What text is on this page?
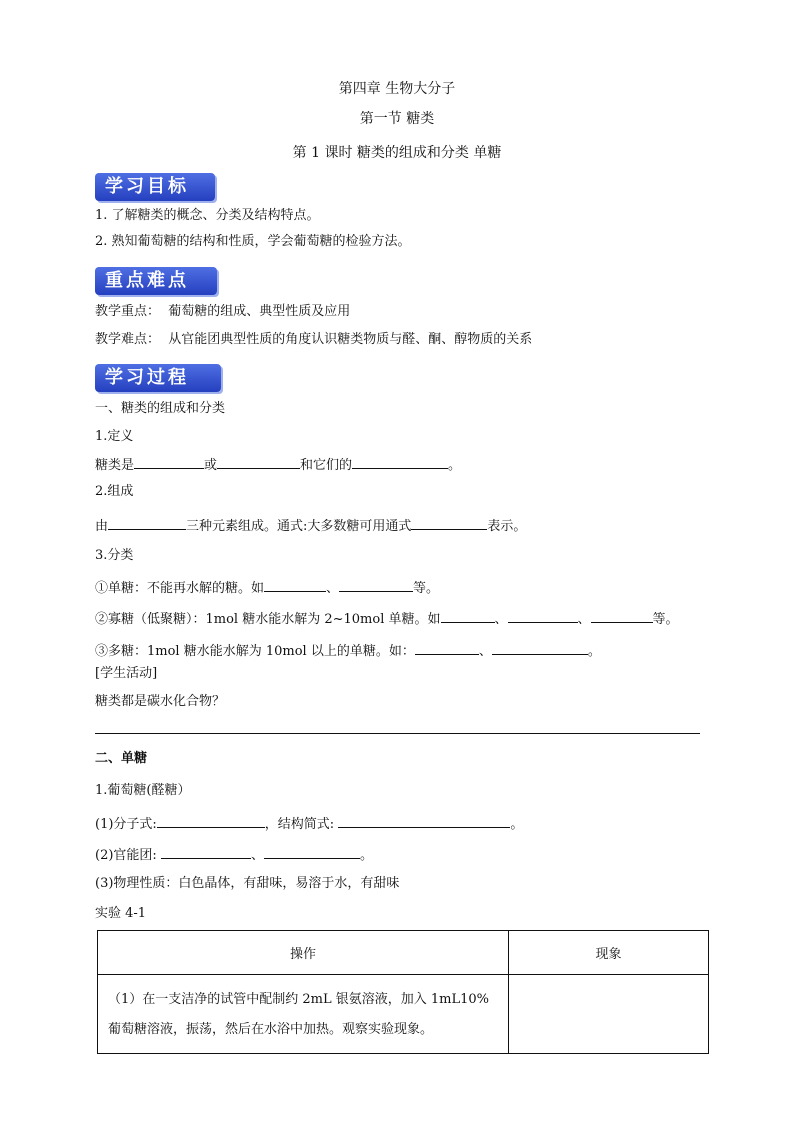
第四章 生物大分子
第一节 糖类
第 1 课时 糖类的组成和分类 单糖
学习目标
1. 了解糖类的概念、分类及结构特点。
2. 熟知葡萄糖的结构和性质，学会葡萄糖的检验方法。
重点难点
教学重点： 葡萄糖的组成、典型性质及应用
教学难点： 从官能团典型性质的角度认识糖类物质与醛、酮、醇物质的关系
学习过程
一、糖类的组成和分类
1.定义
糖类是	或	和它们的	。
2.组成
由	三种元素组成。通式:大多数糖可用通式	表示。
3.分类
①单糖：不能再水解的糖。如	、	等。
②寡糖（低聚糖）：1mol 糖水能水解为 2~10mol 单糖。如	、	、	等。
③多糖：1mol 糖水能水解为 10mol 以上的单糖。如：	、	。
[学生活动]
糖类都是碳水化合物？
二、单糖
1.葡萄糖(醛糖）
(1)分子式:	，结构简式:	。
(2)官能团:	、	。
(3)物理性质：白色晶体，有甜味，易溶于水，有甜味
实验 4-1
操作	现象
（1）在一支洁净的试管中配制约 2mL 银氨溶液，加入 1mL10% 葡萄糖溶液，振荡，然后在水浴中加热。观察实验现象。	
